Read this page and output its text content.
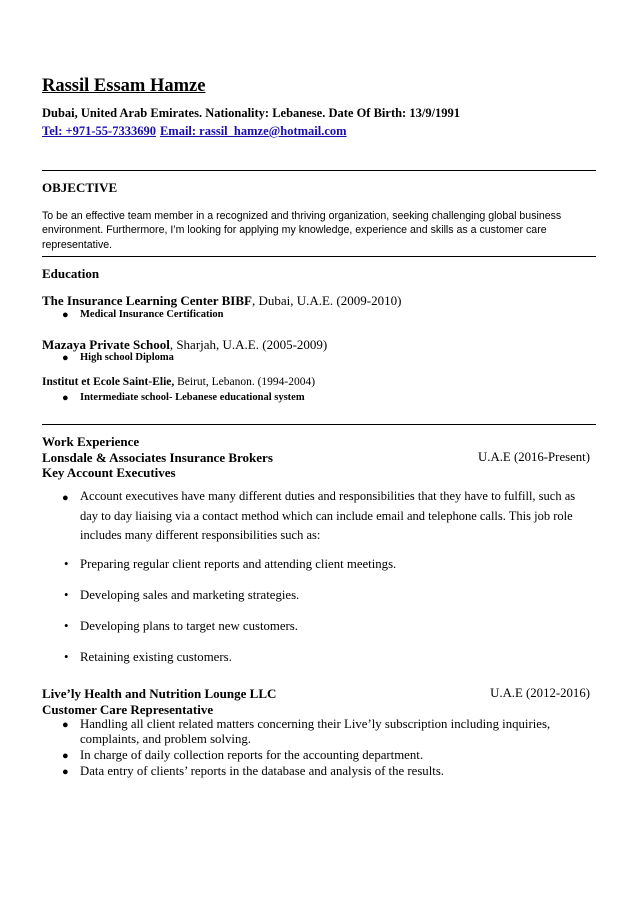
Rassil Essam Hamze
Dubai, United Arab Emirates. Nationality: Lebanese. Date Of Birth: 13/9/1991
Tel: +971-55-7333690 Email: rassil_hamze@hotmail.com
OBJECTIVE
To be an effective team member in a recognized and thriving organization, seeking challenging global business environment. Furthermore, I’m looking for applying my knowledge, experience and skills as a customer care representative.
Education
The Insurance Learning Center BIBF, Dubai, U.A.E. (2009-2010)
● Medical Insurance Certification
Mazaya Private School, Sharjah, U.A.E. (2005-2009)
● High school Diploma
Institut et Ecole Saint-Elie, Beirut, Lebanon. (1994-2004)
● Intermediate school- Lebanese educational system
Work Experience
Lonsdale & Associates Insurance Brokers	U.A.E (2016-Present)
Key Account Executives
● Account executives have many different duties and responsibilities that they have to fulfill, such as day to day liaising via a contact method which can include email and telephone calls. This job role includes many different responsibilities such as:
• Preparing regular client reports and attending client meetings.
• Developing sales and marketing strategies.
• Developing plans to target new customers.
• Retaining existing customers.
Live’ly Health and Nutrition Lounge LLC	U.A.E (2012-2016)
Customer Care Representative
● Handling all client related matters concerning their Live’ly subscription including inquiries,
complaints, and problem solving.
● In charge of daily collection reports for the accounting department.
● Data entry of clients’ reports in the database and analysis of the results.
